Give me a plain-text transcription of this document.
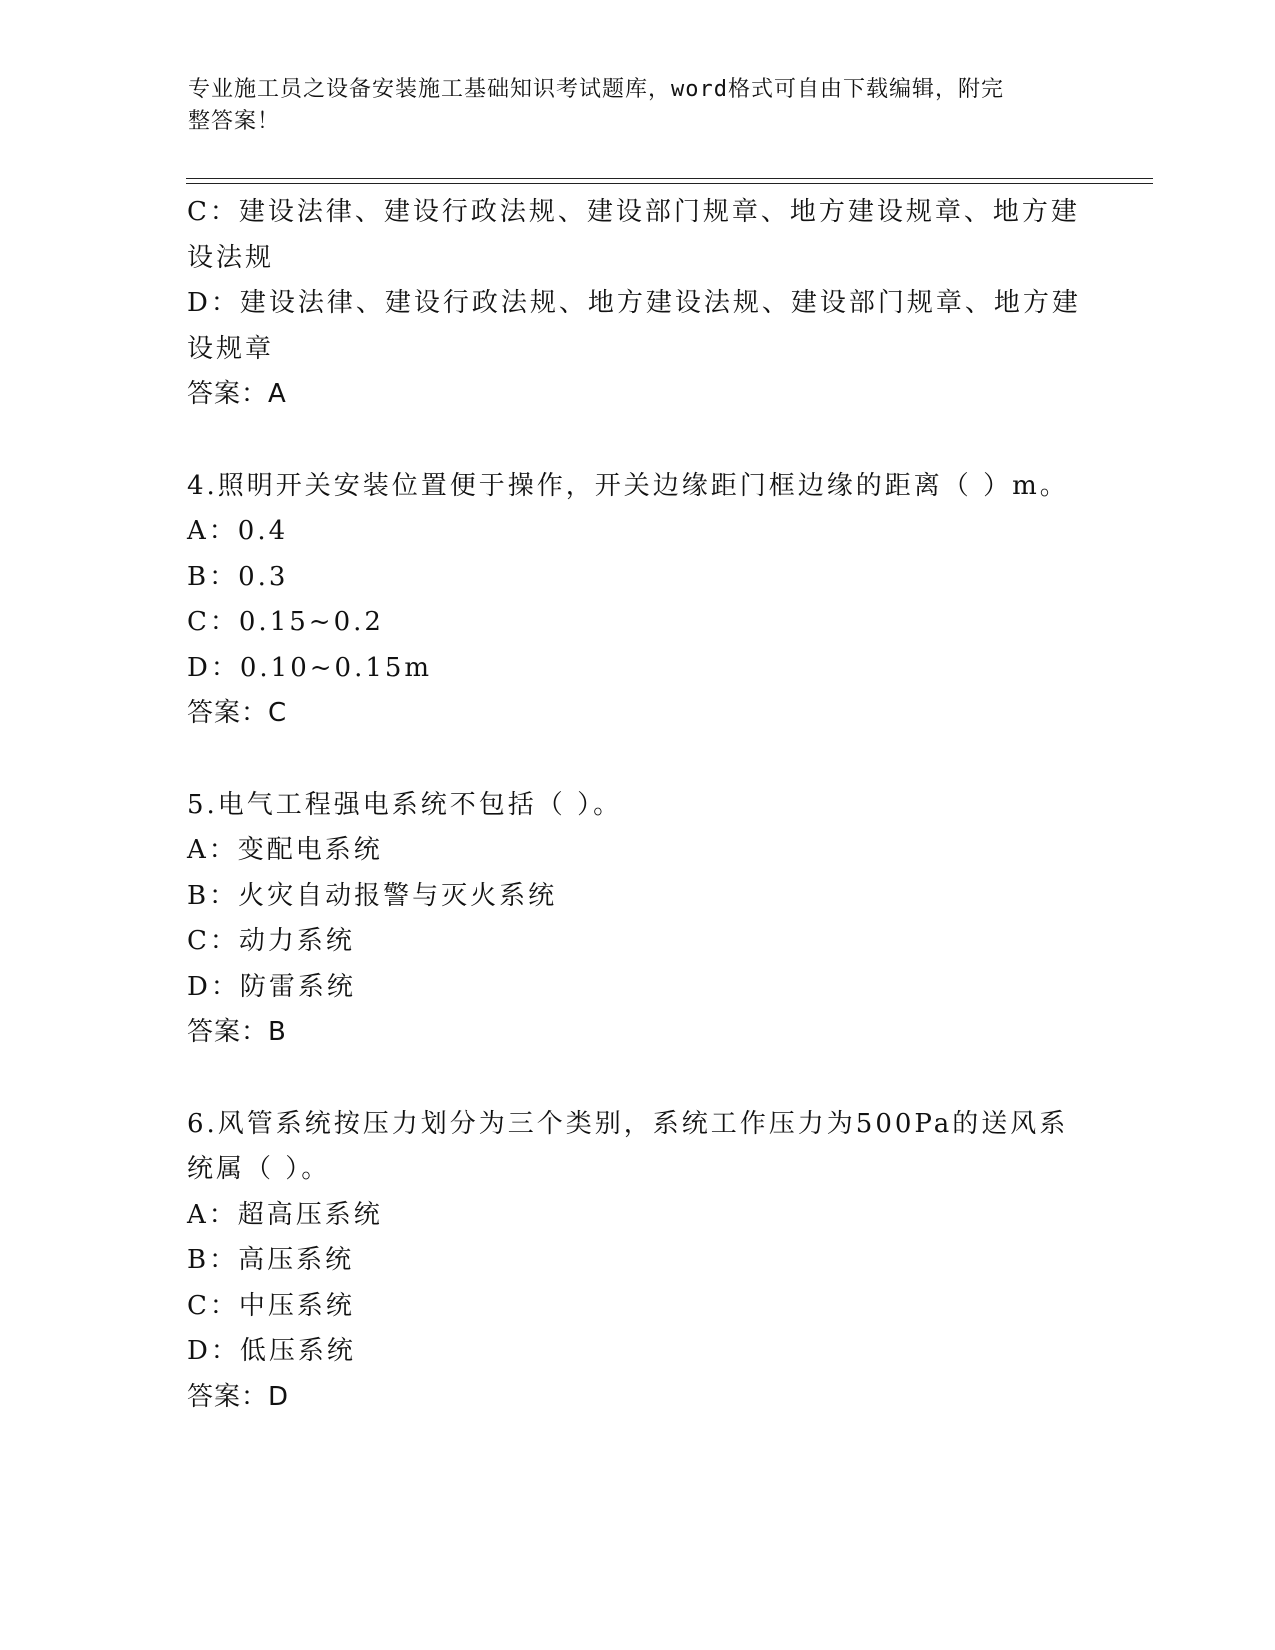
专业施工员之设备安装施工基础知识考试题库，word格式可自由下载编辑，附完
整答案！
C：建设法律、建设行政法规、建设部门规章、地方建设规章、地方建
设法规
D：建设法律、建设行政法规、地方建设法规、建设部门规章、地方建
设规章
答案：A
4.照明开关安装位置便于操作，开关边缘距门框边缘的距离（ ）m。
A：0.4
B：0.3
C：0.15~0.2
D：0.10~0.15m
答案：C
5.电气工程强电系统不包括（ ）。
A：变配电系统
B：火灾自动报警与灭火系统
C：动力系统
D：防雷系统
答案：B
6.风管系统按压力划分为三个类别，系统工作压力为500Pa的送风系
统属（ ）。
A：超高压系统
B：高压系统
C：中压系统
D：低压系统
答案：D
